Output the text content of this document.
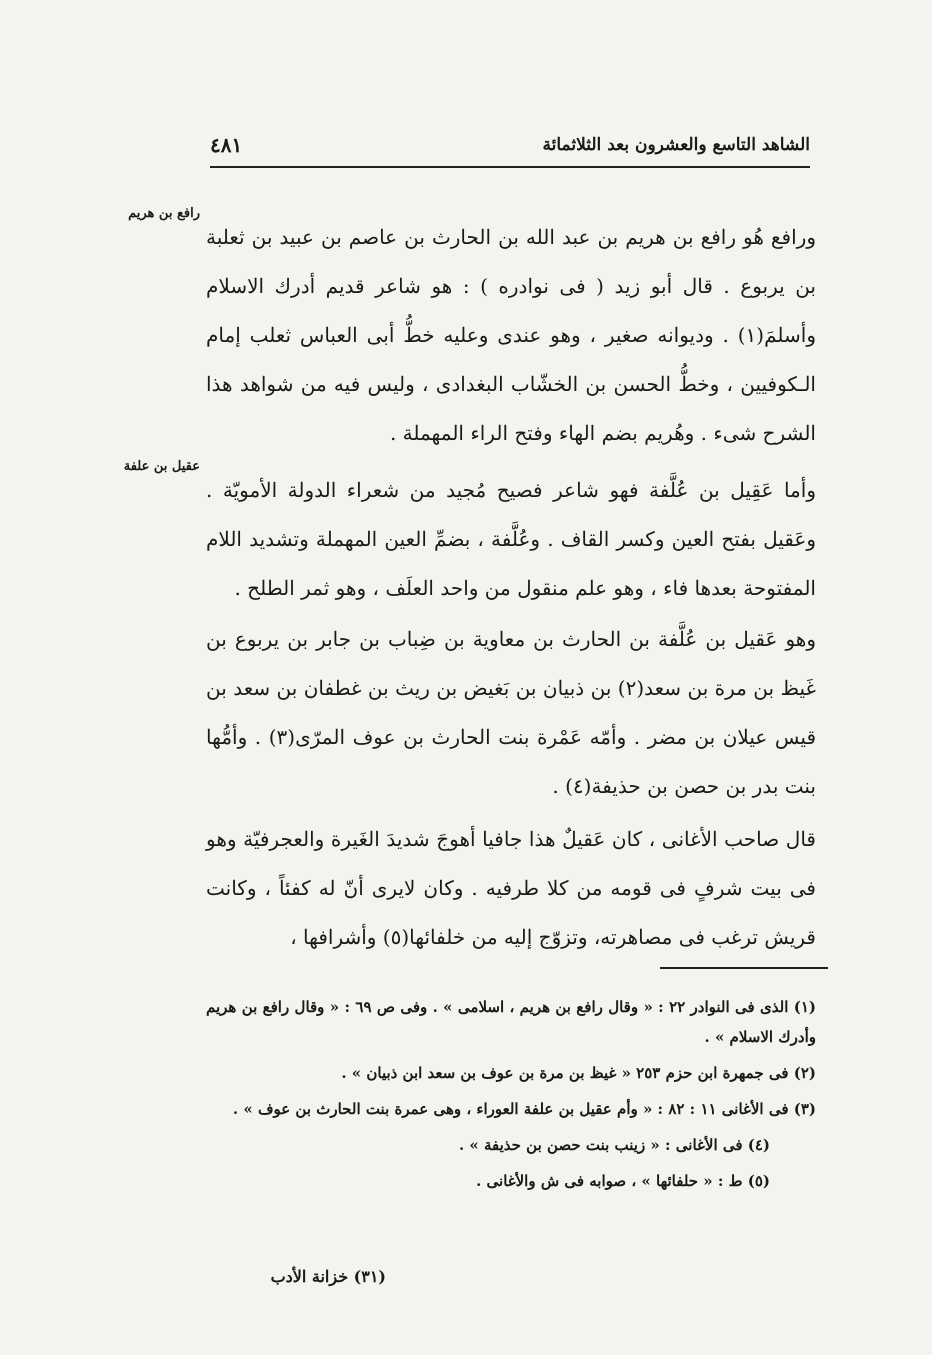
الشاهد التاسع والعشرون بعد الثلاثمائة
٤٨١
رافع بن هريم
عقيل بن علفة

ورافع هُو رافع بن هريم بن عبد الله بن الحارث بن عاصم بن عبيد بن ثعلبة بن يربوع . قال أبو زيد ( فى نوادره ) : هو شاعر قديم أدرك الاسلام وأسلمَ(١) . وديوانه صغير ، وهو عندى وعليه خطُّ أبى العباس ثعلب إمام الـكوفيين ، وخطُّ الحسن بن الخشّاب البغدادى ، وليس فيه من شواهد هذا الشرح شىء . وهُريم بضم الهاء وفتح الراء المهملة .

وأما عَقِيل بن عُلَّفة فهو شاعر فصيح مُجيد من شعراء الدولة الأمويّة . وعَقيل بفتح العين وكسر القاف . وعُلَّفة ، بضمِّ العين المهملة وتشديد اللام المفتوحة بعدها فاء ، وهو علم منقول من واحد العلَف ، وهو ثمر الطلح .

وهو عَقيل بن عُلَّفة بن الحارث بن معاوية بن ضِباب بن جابر بن يربوع بن غَيظ بن مرة بن سعد(٢) بن ذبيان بن بَغيض بن ريث بن غطفان بن سعد بن قيس عيلان بن مضر . وأمّه عَمْرة بنت الحارث بن عوف المرّى(٣) . وأمُّها بنت بدر بن حصن بن حذيفة(٤) .

قال صاحب الأغانى ، كان عَقيلٌ هذا جافيا أهوجَ شديدَ الغَيرة والعجرفيّة وهو فى بيت شرفٍ فى قومه من كلا طرفيه . وكان لايرى أنّ له كفئاً ، وكانت قريش ترغب فى مصاهرته، وتزوّج إليه من خلفائها(٥) وأشرافها ،

(١) الذى فى النوادر ٢٢ : « وقال رافع بن هريم ، اسلامى » . وفى ص ٦٩ : « وقال رافع بن هريم وأدرك الاسلام » .

(٢) فى جمهرة ابن حزم ٢٥٣ « غيظ بن مرة بن عوف بن سعد ابن ذبيان » .

(٣) فى الأغانى ١١ : ٨٢ : « وأم عقيل بن علفة العوراء ، وهى عمرة بنت الحارث بن عوف » .

(٤) فى الأغانى : « زينب بنت حصن بن حذيفة » .

(٥) ط : « حلفائها » ، صوابه فى ش والأغانى .

(٣١) خزانة الأدب
